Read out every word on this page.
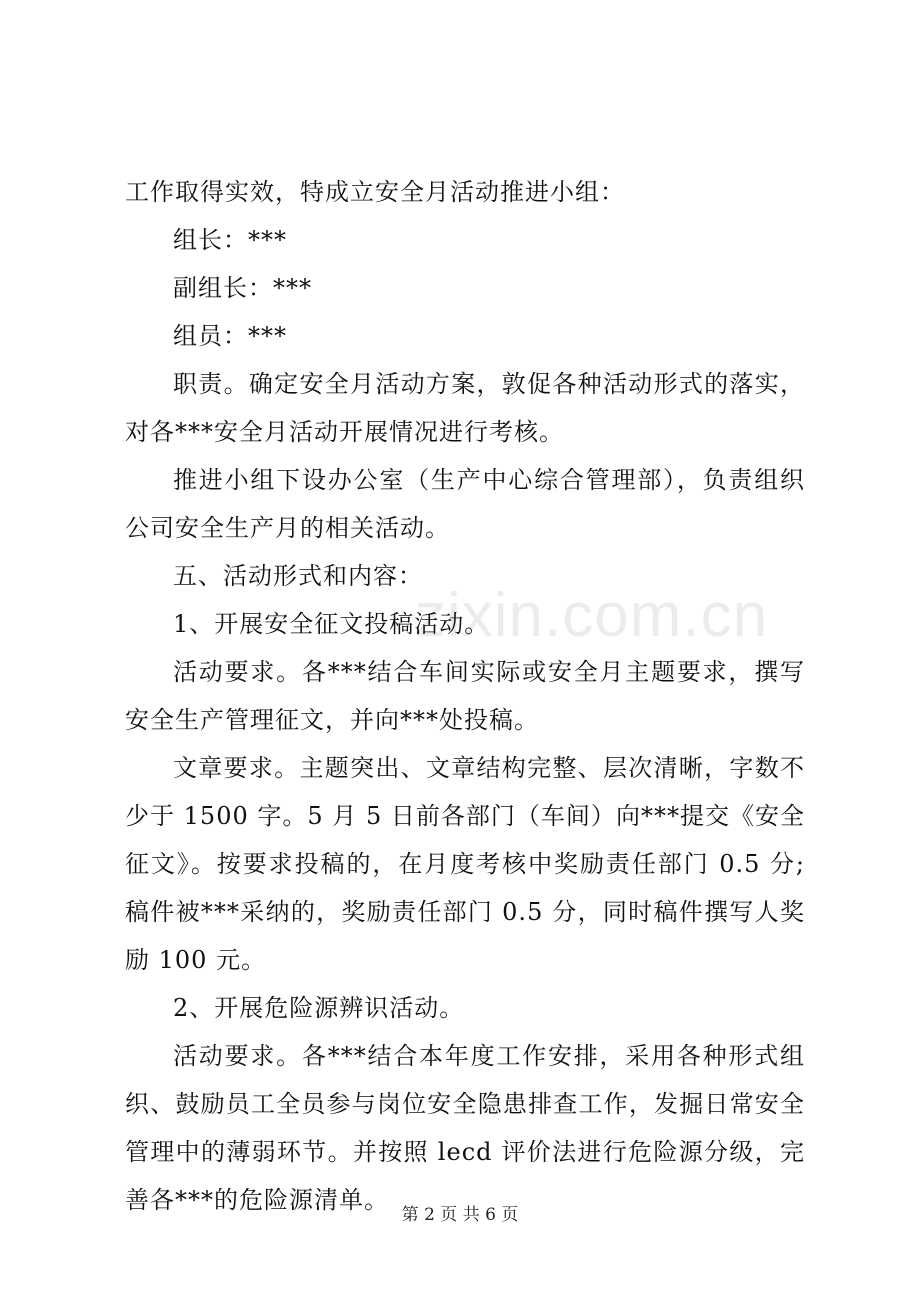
zixin.com.cn

工作取得实效，特成立安全月活动推进小组：

组长：***

副组长：***

组员：***

职责。确定安全月活动方案，敦促各种活动形式的落实，对各***安全月活动开展情况进行考核。

推进小组下设办公室（生产中心综合管理部），负责组织公司安全生产月的相关活动。

五、活动形式和内容：

1、开展安全征文投稿活动。

活动要求。各***结合车间实际或安全月主题要求，撰写安全生产管理征文，并向***处投稿。

文章要求。主题突出、文章结构完整、层次清晰，字数不少于 1500 字。5 月 5 日前各部门（车间）向***提交《安全征文》。按要求投稿的，在月度考核中奖励责任部门 0.5 分;稿件被***采纳的，奖励责任部门 0.5 分，同时稿件撰写人奖励 100 元。

2、开展危险源辨识活动。

活动要求。各***结合本年度工作安排，采用各种形式组织、鼓励员工全员参与岗位安全隐患排查工作，发掘日常安全管理中的薄弱环节。并按照 lecd 评价法进行危险源分级，完善各***的危险源清单。

第 2 页 共 6 页
